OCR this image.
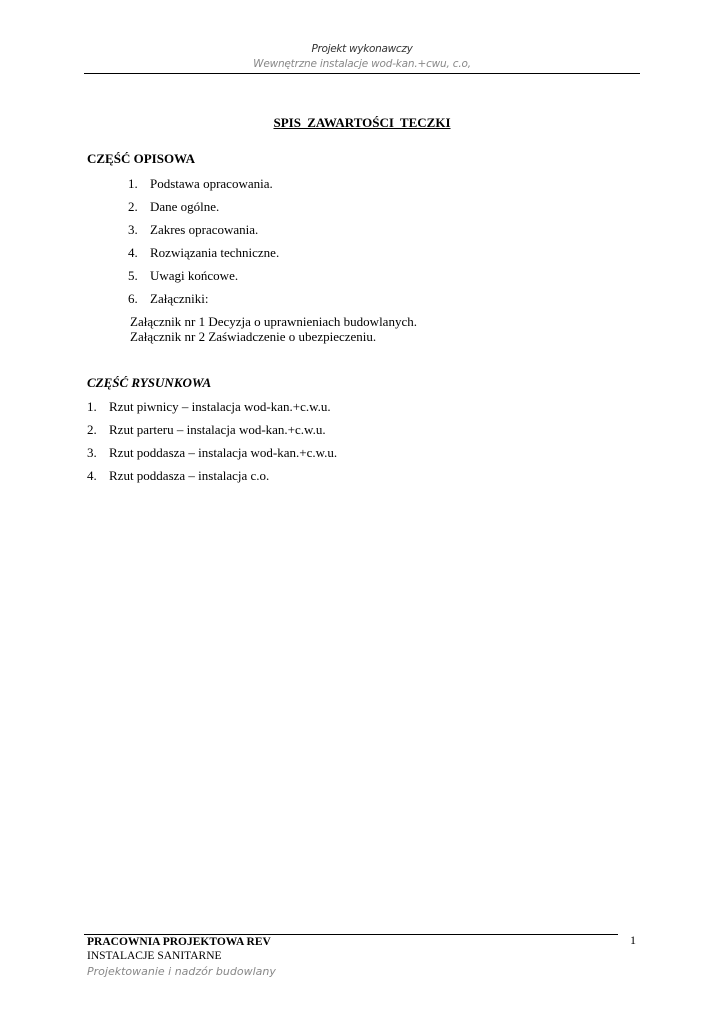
Projekt wykonawczy
Wewnętrzne instalacje wod-kan.+cwu, c.o,
SPIS ZAWARTOŚCI TECZKI
CZĘŚĆ OPISOWA
1. Podstawa opracowania.
2. Dane ogólne.
3. Zakres opracowania.
4. Rozwiązania techniczne.
5. Uwagi końcowe.
6. Załączniki:
Załącznik nr 1 Decyzja o uprawnieniach budowlanych.
Załącznik nr 2 Zaświadczenie o ubezpieczeniu.
CZĘŚĆ RYSUNKOWA
1. Rzut piwnicy – instalacja wod-kan.+c.w.u.
2. Rzut parteru – instalacja wod-kan.+c.w.u.
3. Rzut poddasza – instalacja wod-kan.+c.w.u.
4. Rzut poddasza – instalacja c.o.
PRACOWNIA PROJEKTOWA REV
INSTALACJE SANITARNE
Projektowanie i nadzór budowlany
1
